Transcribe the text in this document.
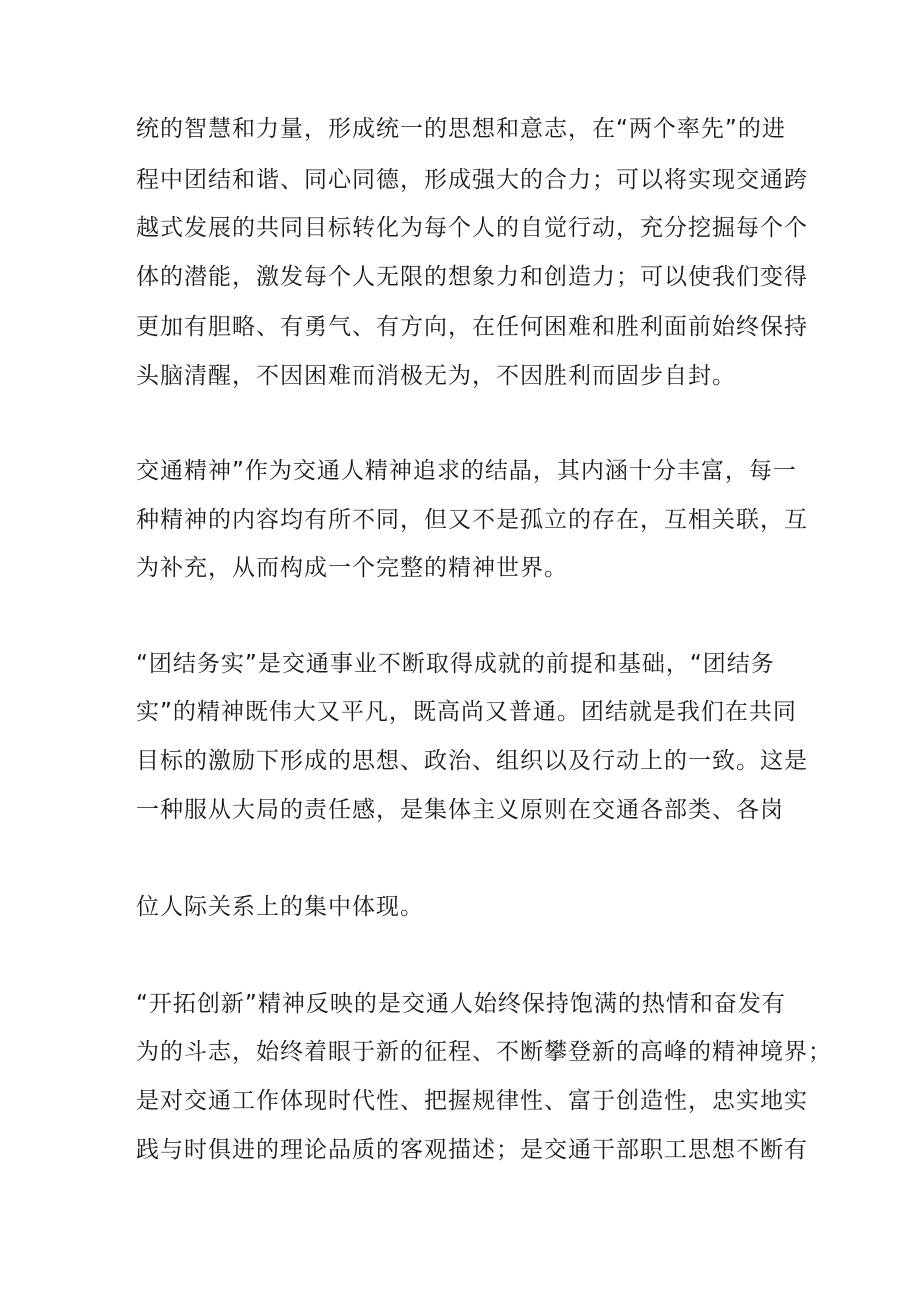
统的智慧和力量，形成统一的思想和意志，在“两个率先”的进
程中团结和谐、同心同德，形成强大的合力；可以将实现交通跨
越式发展的共同目标转化为每个人的自觉行动，充分挖掘每个个
体的潜能，激发每个人无限的想象力和创造力；可以使我们变得
更加有胆略、有勇气、有方向，在任何困难和胜利面前始终保持
头脑清醒，不因困难而消极无为，不因胜利而固步自封。
交通精神”作为交通人精神追求的结晶，其内涵十分丰富，每一
种精神的内容均有所不同，但又不是孤立的存在，互相关联，互
为补充，从而构成一个完整的精神世界。
“团结务实”是交通事业不断取得成就的前提和基础，“团结务
实”的精神既伟大又平凡，既高尚又普通。团结就是我们在共同
目标的激励下形成的思想、政治、组织以及行动上的一致。这是
一种服从大局的责任感，是集体主义原则在交通各部类、各岗
位人际关系上的集中体现。
“开拓创新”精神反映的是交通人始终保持饱满的热情和奋发有
为的斗志，始终着眼于新的征程、不断攀登新的高峰的精神境界；
是对交通工作体现时代性、把握规律性、富于创造性，忠实地实
践与时俱进的理论品质的客观描述；是交通干部职工思想不断有
